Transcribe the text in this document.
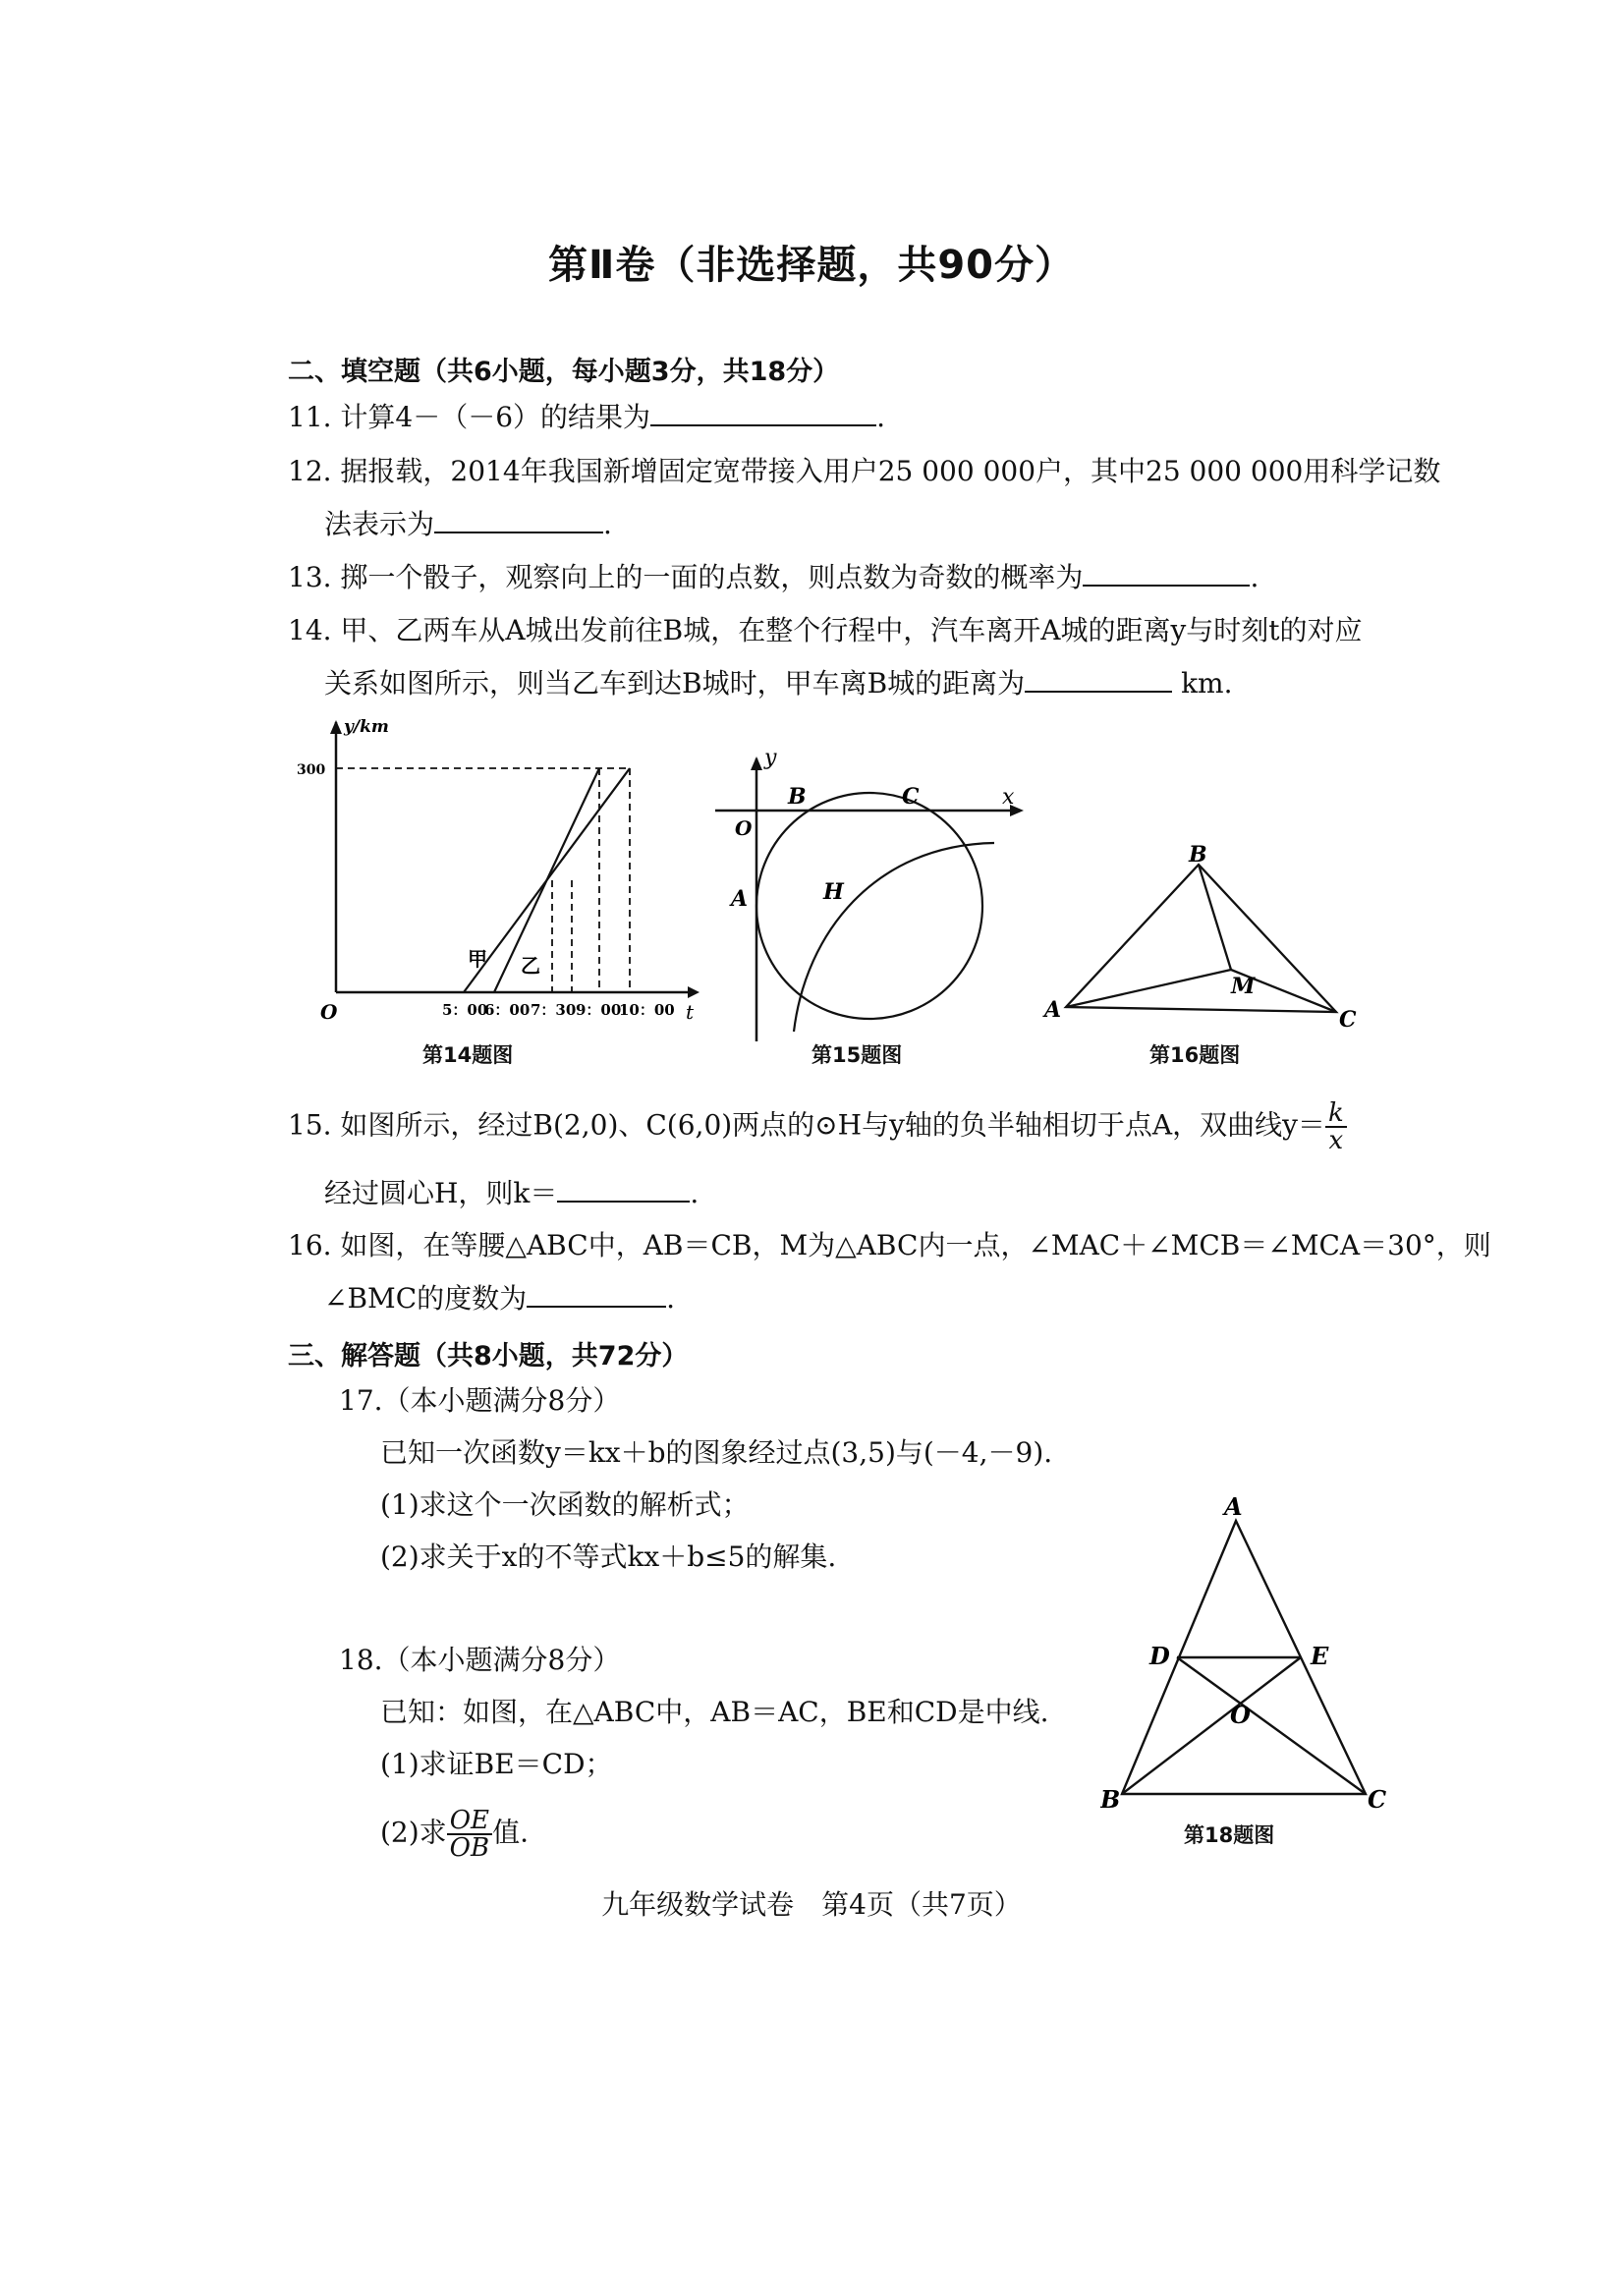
第Ⅱ卷（非选择题，共90分）
二、填空题（共6小题，每小题3分，共18分）
11. 计算4－（－6）的结果为	.
12. 据报载，2014年我国新增固定宽带接入用户25 000 000户，其中25 000 000用科学记数
法表示为	.
13. 掷一个骰子，观察向上的一面的点数，则点数为奇数的概率为	.
14. 甲、乙两车从A城出发前往B城，在整个行程中，汽车离开A城的距离y与时刻t的对应
关系如图所示，则当乙车到达B城时，甲车离B城的距离为	km.
y/km
300
O	t
5：00
6：00 7：30 9：00
10：00
甲 乙
第14题图
y
x
B	C
O
A	H
第15题图
B
A	C
M
第16题图
15. 如图所示，经过B(2,0)、C(6,0)两点的⊙H与y轴的负半轴相切于点A，双曲线$y= \frac{k}{x}$
经过圆心H，则k＝	.
16. 如图，在等腰△ABC中，AB＝CB，M为△ABC内一点，∠MAC＋∠MCB＝∠MCA＝30°，则
∠BMC的度数为	.
三、解答题（共8小题，共72分）
17.（本小题满分8分）
已知一次函数y＝kx＋b的图象经过点(3,5)与(－4,－9).
(1)求这个一次函数的解析式；
(2)求关于x的不等式kx＋b≤5的解集.
18.（本小题满分8分）
已知：如图，在△ABC中，AB＝AC，BE和CD是中线.
(1)求证BE＝CD；
(2)求 $\frac{OE}{OB}$ 值.
A
D	E
O
B	C
第18题图
九年级数学试卷　第4页（共7页）
